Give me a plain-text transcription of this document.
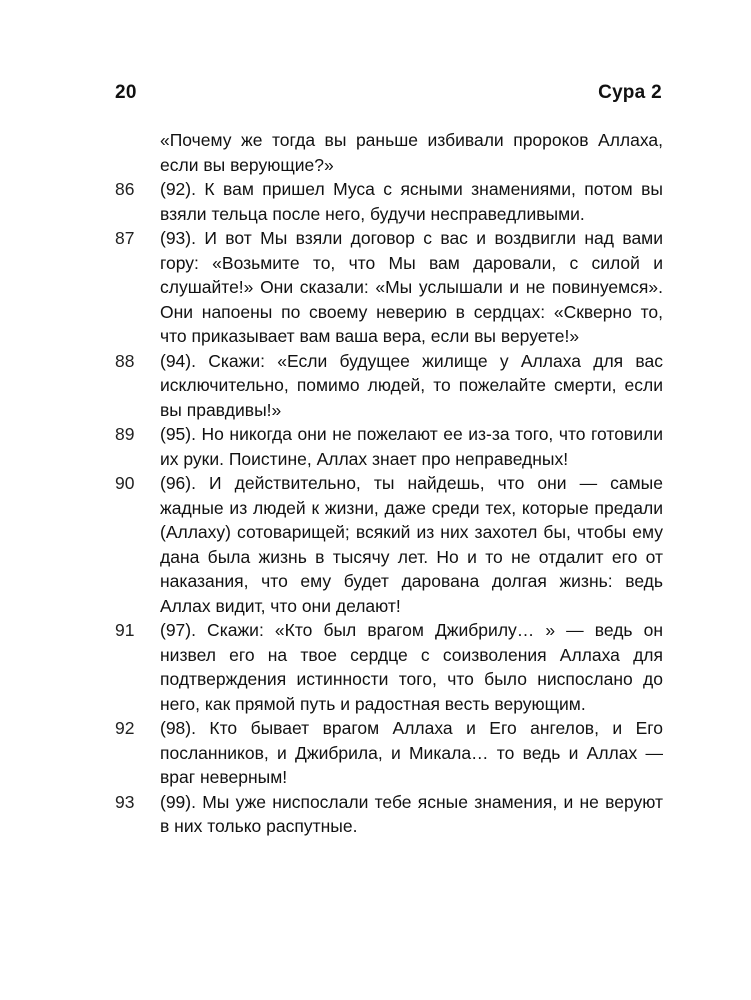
20	Сура 2
«Почему же тогда вы раньше избивали пророков Аллаха, если вы верующие?»
86	(92). К вам пришел Муса с ясными знамениями, потом вы взяли тельца после него, будучи несправедливыми.
87	(93). И вот Мы взяли договор с вас и воздвигли над вами гору: «Возьмите то, что Мы вам даровали, с силой и слушайте!» Они сказали: «Мы услышали и не повинуемся». Они напоены по своему неверию в сердцах: «Скверно то, что приказывает вам ваша вера, если вы веруете!»
88	(94). Скажи: «Если будущее жилище у Аллаха для вас исключительно, помимо людей, то пожелайте смерти, если вы правдивы!»
89	(95). Но никогда они не пожелают ее из-за того, что готовили их руки. Поистине, Аллах знает про неправедных!
90	(96). И действительно, ты найдешь, что они — самые жадные из людей к жизни, даже среди тех, которые предали (Аллаху) сотоварищей; всякий из них захотел бы, чтобы ему дана была жизнь в тысячу лет. Но и то не отдалит его от наказания, что ему будет дарована долгая жизнь: ведь Аллах видит, что они делают!
91	(97). Скажи: «Кто был врагом Джибрилу… » — ведь он низвел его на твое сердце с соизволения Аллаха для подтверждения истинности того, что было ниспослано до него, как прямой путь и радостная весть верующим.
92	(98). Кто бывает врагом Аллаха и Его ангелов, и Его посланников, и Джибрила, и Микала… то ведь и Аллах — враг неверным!
93	(99). Мы уже ниспослали тебе ясные знамения, и не веруют в них только распутные.
